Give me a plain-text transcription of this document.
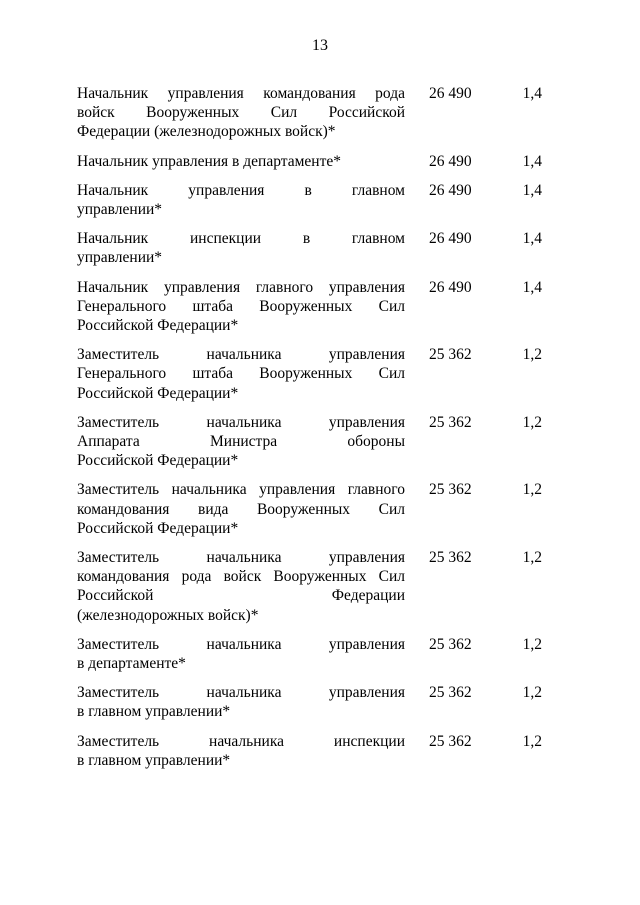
13
Начальник управления командования рода
войск Вооруженных Сил Российской
Федерации (железнодорожных войск)*
26 490	1,4
Начальник управления в департаменте*	26 490	1,4
Начальник управления в главном
управлении*
26 490	1,4
Начальник инспекции в главном
управлении*
26 490	1,4
Начальник управления главного управления
Генерального штаба Вооруженных Сил
Российской Федерации*
26 490	1,4
Заместитель начальника управления
Генерального штаба Вооруженных Сил
Российской Федерации*
25 362	1,2
Заместитель начальника управления
Аппарата Министра обороны
Российской Федерации*
25 362	1,2
Заместитель начальника управления главного
командования вида Вооруженных Сил
Российской Федерации*
25 362	1,2
Заместитель начальника управления
командования рода войск Вооруженных Сил
Российской Федерации
(железнодорожных войск)*
25 362	1,2
Заместитель начальника управления
в департаменте*
25 362	1,2
Заместитель начальника управления
в главном управлении*
25 362	1,2
Заместитель начальника инспекции
в главном управлении*
25 362	1,2
